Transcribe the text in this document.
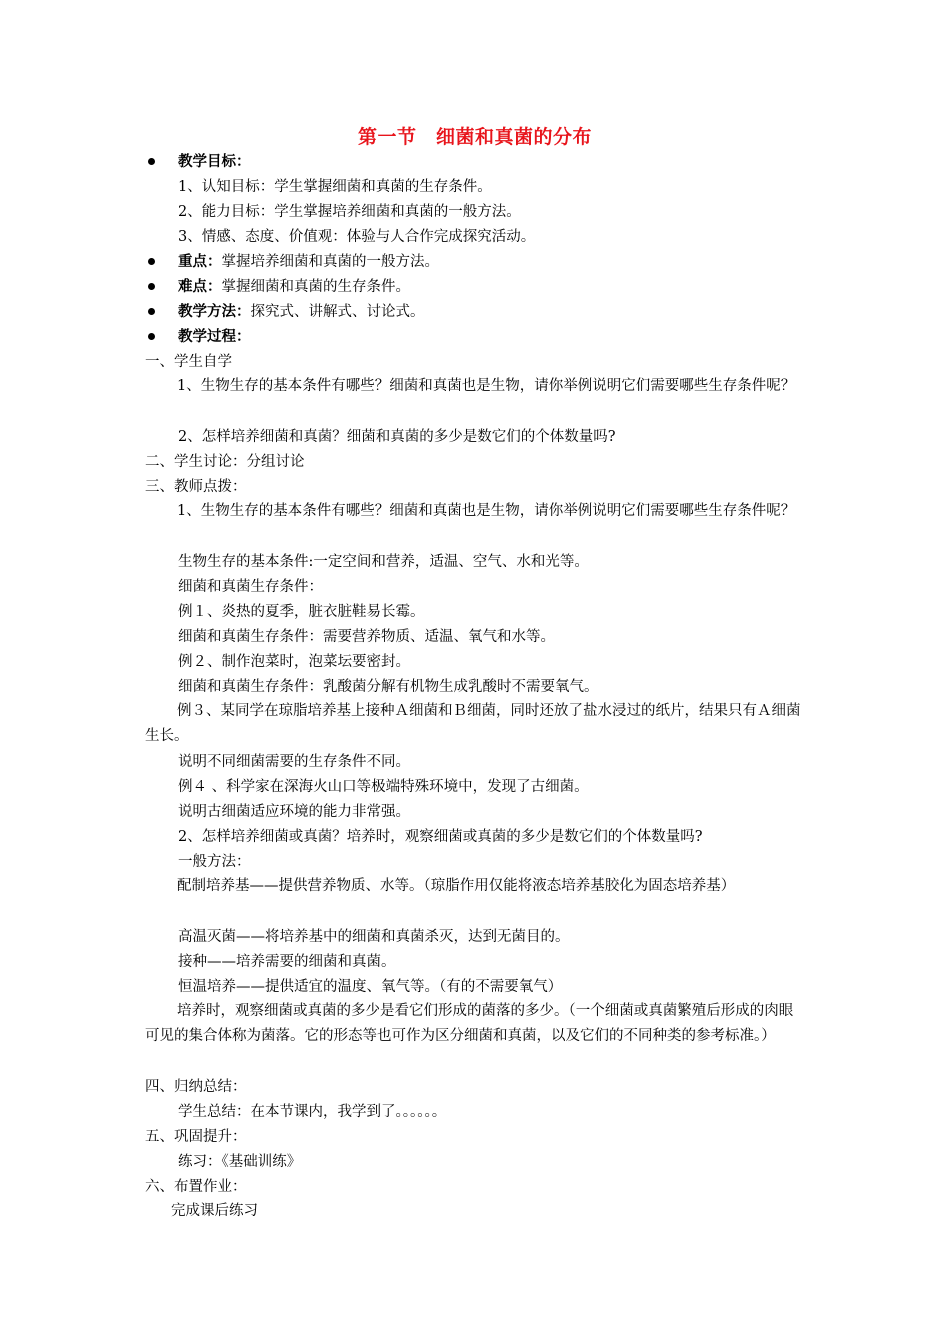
第一节　细菌和真菌的分布
教学目标：
1、认知目标：学生掌握细菌和真菌的生存条件。
2、能力目标：学生掌握培养细菌和真菌的一般方法。
3、情感、态度、价值观：体验与人合作完成探究活动。
重点：掌握培养细菌和真菌的一般方法。
难点：掌握细菌和真菌的生存条件。
教学方法：探究式、讲解式、讨论式。
教学过程：
一、学生自学
1、生物生存的基本条件有哪些？细菌和真菌也是生物，请你举例说明它们需要哪些生存条件呢？
2、怎样培养细菌和真菌？细菌和真菌的多少是数它们的个体数量吗?
二、学生讨论：分组讨论
三、教师点拨：
1、生物生存的基本条件有哪些？细菌和真菌也是生物，请你举例说明它们需要哪些生存条件呢？
生物生存的基本条件:一定空间和营养，适温、空气、水和光等。
细菌和真菌生存条件：
例１、炎热的夏季，脏衣脏鞋易长霉。
细菌和真菌生存条件：需要营养物质、适温、氧气和水等。
例２、制作泡菜时，泡菜坛要密封。
细菌和真菌生存条件：乳酸菌分解有机物生成乳酸时不需要氧气。
例３、某同学在琼脂培养基上接种Ａ细菌和Ｂ细菌，同时还放了盐水浸过的纸片，结果只有Ａ细菌生长。
说明不同细菌需要的生存条件不同。
例４ 、科学家在深海火山口等极端特殊环境中，发现了古细菌。
说明古细菌适应环境的能力非常强。
2、怎样培养细菌或真菌？培养时，观察细菌或真菌的多少是数它们的个体数量吗?
一般方法：
配制培养基——提供营养物质、水等。（琼脂作用仅能将液态培养基胶化为固态培养基）
高温灭菌——将培养基中的细菌和真菌杀灭，达到无菌目的。
接种——培养需要的细菌和真菌。
恒温培养——提供适宜的温度、氧气等。（有的不需要氧气）
培养时，观察细菌或真菌的多少是看它们形成的菌落的多少。（一个细菌或真菌繁殖后形成的肉眼可见的集合体称为菌落。它的形态等也可作为区分细菌和真菌，以及它们的不同种类的参考标准。）
四、归纳总结：
学生总结：在本节课内，我学到了。。。。。。
五、巩固提升：
练习：《基础训练》
六、布置作业：
完成课后练习
